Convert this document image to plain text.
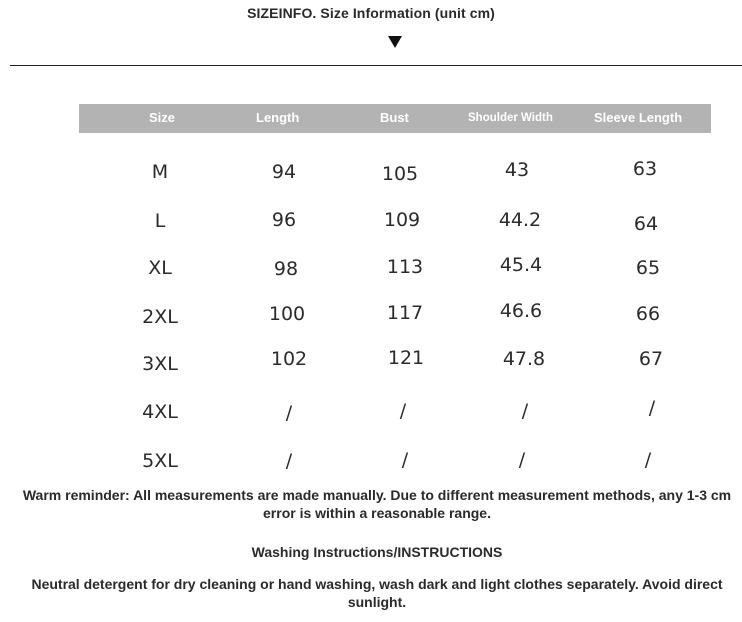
SIZEINFO. Size Information (unit cm)
Size	Length	Bust	Shoulder Width	Sleeve Length
M	94	105	43	63
L	96	109	44.2	64
XL	98	113	45.4	65
2XL	100	117	46.6	66
3XL	102	121	47.8	67
4XL	/	/	/	/
5XL	/	/	/	/
Warm reminder: All measurements are made manually. Due to different measurement methods, any 1-3 cm error is within a reasonable range.
Washing Instructions/INSTRUCTIONS
Neutral detergent for dry cleaning or hand washing, wash dark and light clothes separately. Avoid direct sunlight.
